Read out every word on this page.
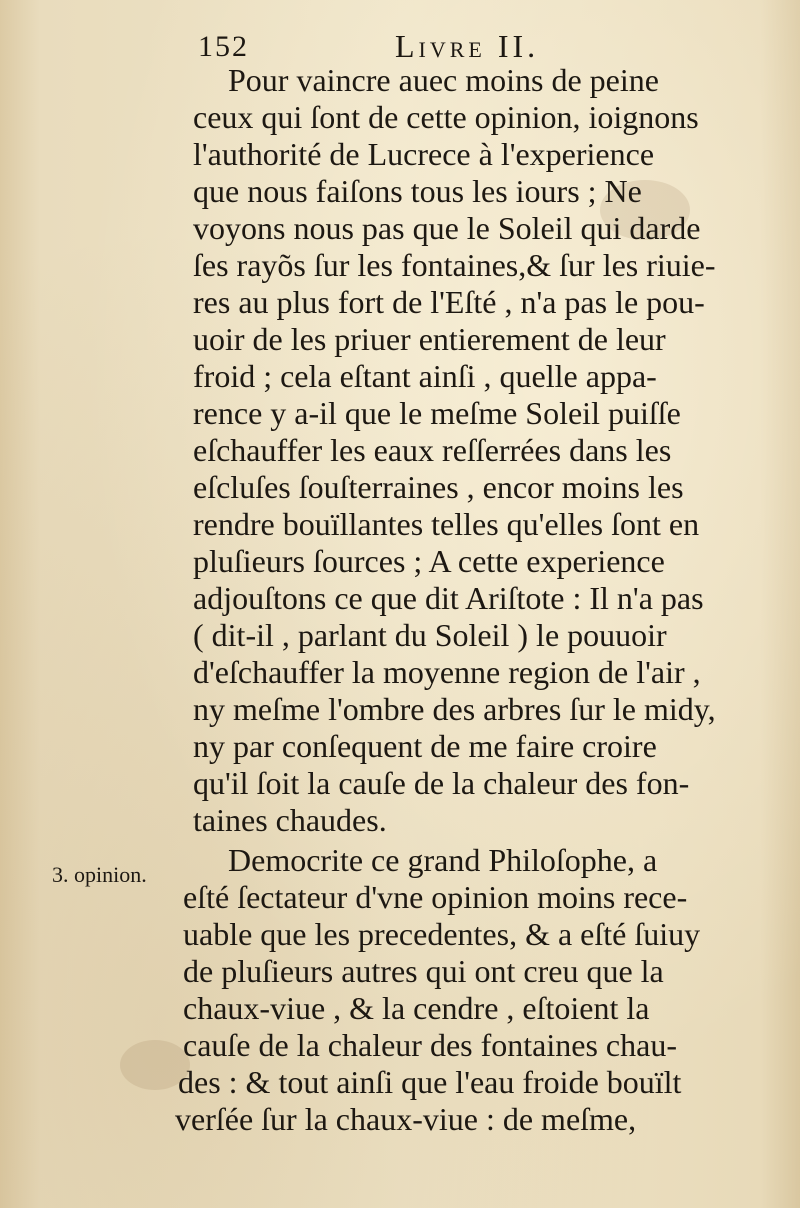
152	Livre II.
3. opinion.
Pour vaincre auec moins de peine
ceux qui ſont de cette opinion, ioignons
l'authorité de Lucrece à l'experience
que nous faiſons tous les iours ; Ne
voyons nous pas que le Soleil qui darde
ſes rayõs ſur les fontaines,& ſur les riuie-
res au plus fort de l'Eſté , n'a pas le pou-
uoir de les priuer entierement de leur
froid ; cela eſtant ainſi , quelle appa-
rence y a-il que le meſme Soleil puiſſe
eſchauffer les eaux reſſerrées dans les
eſcluſes ſouſterraines , encor moins les
rendre bouïllantes telles qu'elles ſont en
pluſieurs ſources ; A cette experience
adjouſtons ce que dit Ariſtote : Il n'a pas
( dit-il , parlant du Soleil ) le pouuoir
d'eſchauffer la moyenne region de l'air ,
ny meſme l'ombre des arbres ſur le midy,
ny par conſequent de me faire croire
qu'il ſoit la cauſe de la chaleur des fon-
taines chaudes.
Democrite ce grand Philoſophe, a
eſté ſectateur d'vne opinion moins rece-
uable que les precedentes, & a eſté ſuiuy
de pluſieurs autres qui ont creu que la
chaux-viue , & la cendre , eſtoient la
cauſe de la chaleur des fontaines chau-
des : & tout ainſi que l'eau froide bouïlt
verſée ſur la chaux-viue : de meſme,
